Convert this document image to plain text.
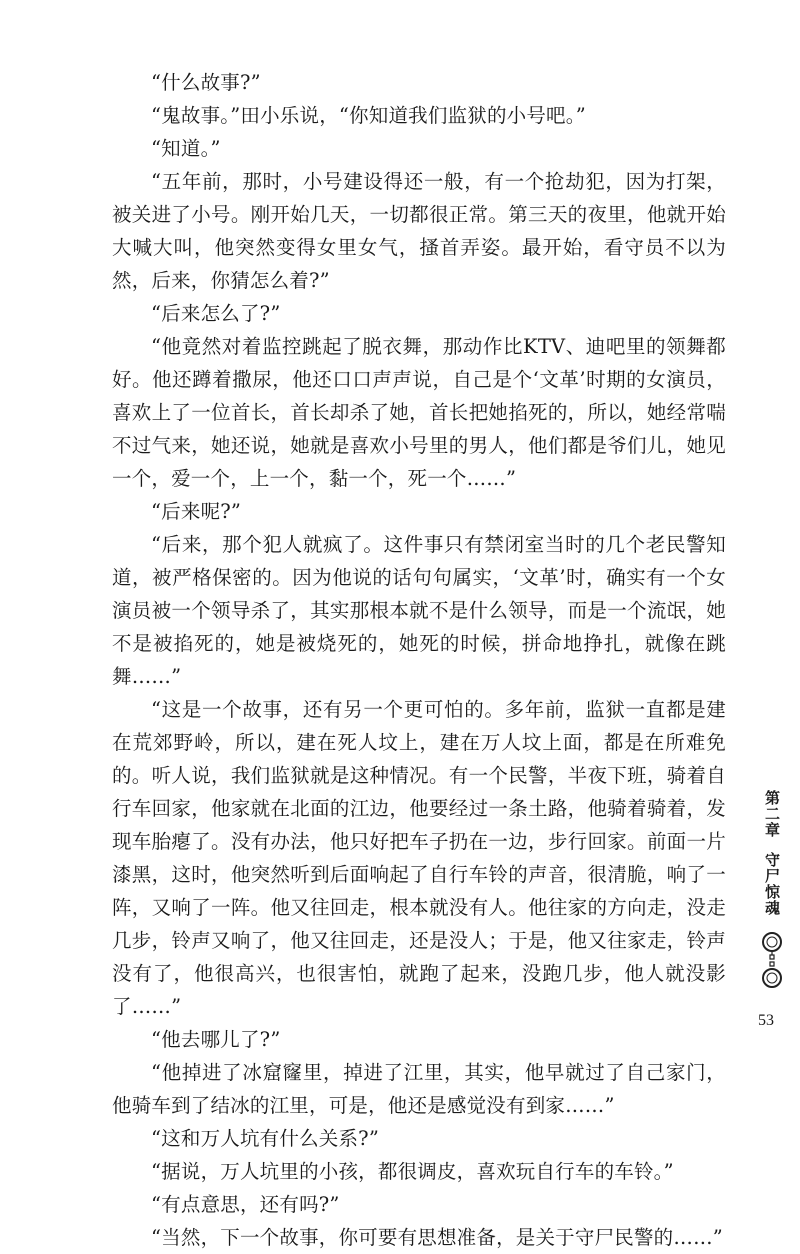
“什么故事?”

“鬼故事。”田小乐说，“你知道我们监狱的小号吧。”

“知道。”

“五年前，那时，小号建设得还一般，有一个抢劫犯，因为打架，被关进了小号。刚开始几天，一切都很正常。第三天的夜里，他就开始大喊大叫，他突然变得女里女气，搔首弄姿。最开始，看守员不以为然，后来，你猜怎么着?”

“后来怎么了?”

“他竟然对着监控跳起了脱衣舞，那动作比KTV、迪吧里的领舞都好。他还蹲着撒尿，他还口口声声说，自己是个‘文革’时期的女演员，喜欢上了一位首长，首长却杀了她，首长把她掐死的，所以，她经常喘不过气来，她还说，她就是喜欢小号里的男人，他们都是爷们儿，她见一个，爱一个，上一个，黏一个，死一个……”

“后来呢?”

“后来，那个犯人就疯了。这件事只有禁闭室当时的几个老民警知道，被严格保密的。因为他说的话句句属实，‘文革’时，确实有一个女演员被一个领导杀了，其实那根本就不是什么领导，而是一个流氓，她不是被掐死的，她是被烧死的，她死的时候，拼命地挣扎，就像在跳舞……”

“这是一个故事，还有另一个更可怕的。多年前，监狱一直都是建在荒郊野岭，所以，建在死人坟上，建在万人坟上面，都是在所难免的。听人说，我们监狱就是这种情况。有一个民警，半夜下班，骑着自行车回家，他家就在北面的江边，他要经过一条土路，他骑着骑着，发现车胎瘪了。没有办法，他只好把车子扔在一边，步行回家。前面一片漆黑，这时，他突然听到后面响起了自行车铃的声音，很清脆，响了一阵，又响了一阵。他又往回走，根本就没有人。他往家的方向走，没走几步，铃声又响了，他又往回走，还是没人；于是，他又往家走，铃声没有了，他很高兴，也很害怕，就跑了起来，没跑几步，他人就没影了……”

“他去哪儿了?”

“他掉进了冰窟窿里，掉进了江里，其实，他早就过了自己家门，他骑车到了结冰的江里，可是，他还是感觉没有到家……”

“这和万人坑有什么关系?”

“据说，万人坑里的小孩，都很调皮，喜欢玩自行车的车铃。”

“有点意思，还有吗?”

“当然，下一个故事，你可要有思想准备，是关于守尸民警的……”

第二章
守尸惊魂
53
